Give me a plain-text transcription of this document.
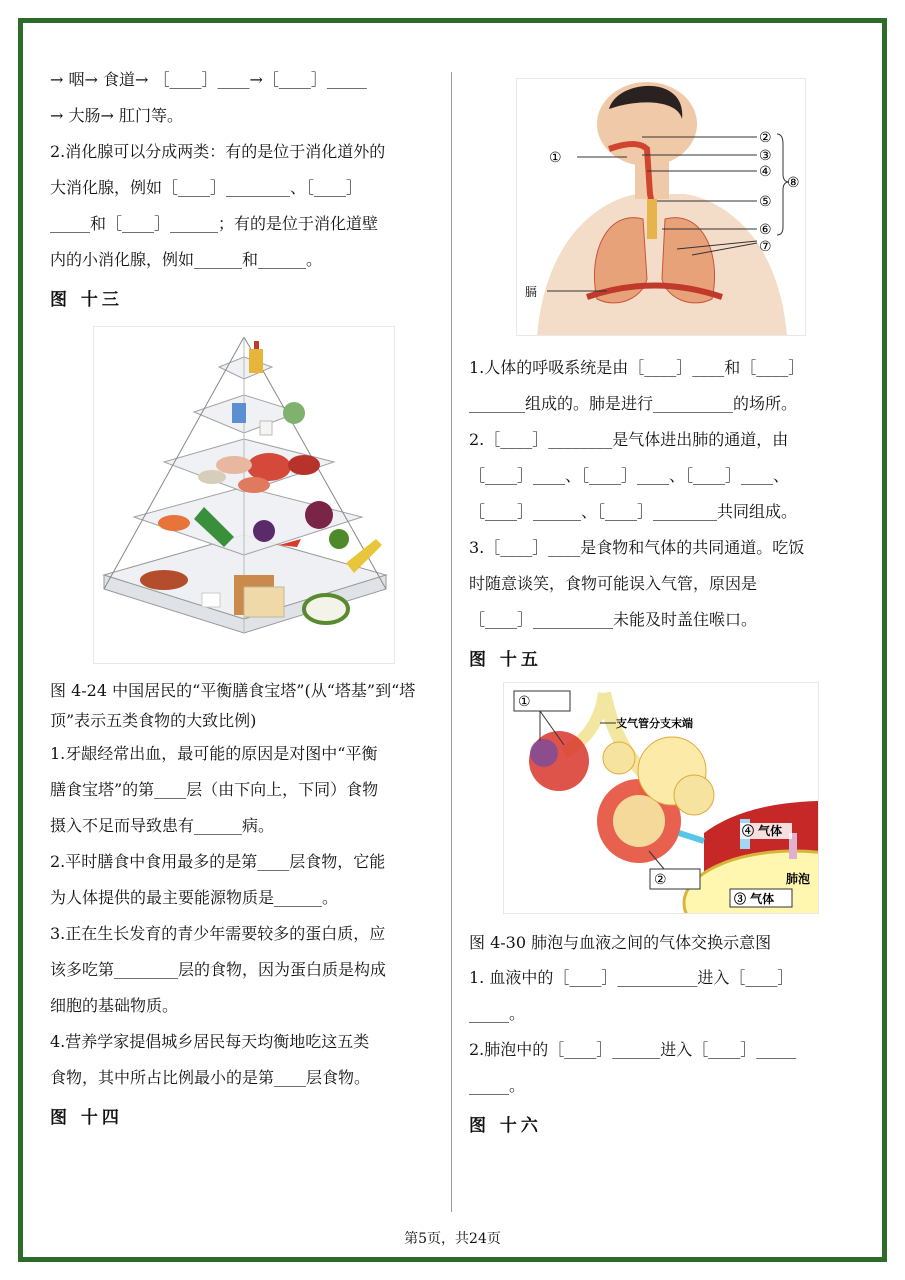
→ 咽→ 食道→ ［____］____→［____］_____
→ 大肠→ 肛门等。
2.消化腺可以分成两类：有的是位于消化道外的
大消化腺，例如［____］________、［____］
_____和［____］______；有的是位于消化道壁
内的小消化腺，例如______和______。
图 十三
图 4-24 中国居民的“平衡膳食宝塔”(从“塔基”到“塔顶”表示五类食物的大致比例)
1.牙龈经常出血，最可能的原因是对图中“平衡
膳食宝塔”的第____层（由下向上，下同）食物
摄入不足而导致患有______病。
2.平时膳食中食用最多的是第____层食物，它能
为人体提供的最主要能源物质是______。
3.正在生长发育的青少年需要较多的蛋白质，应
该多吃第________层的食物，因为蛋白质是构成
细胞的基础物质。
4.营养学家提倡城乡居民每天均衡地吃这五类
食物，其中所占比例最小的是第____层食物。
图 十四
①
②
③
④
⑤
⑥
⑦
⑧
膈
1.人体的呼吸系统是由［____］____和［____］
_______组成的。肺是进行__________的场所。
2.［____］________是气体进出肺的通道，由
［____］____、［____］____、［____］____、
［____］______、［____］________共同组成。
3.［____］____是食物和气体的共同通道。吃饭
时随意谈笑，食物可能误入气管，原因是
［____］__________未能及时盖住喉口。
图 十五
①
支气管分支末端
②
④ 气体
肺泡
③ 气体
图 4-30 肺泡与血液之间的气体交换示意图
1. 血液中的［____］__________进入［____］
_____。
2.肺泡中的［____］______进入［____］_____
_____。
图 十六
第5页，共24页
